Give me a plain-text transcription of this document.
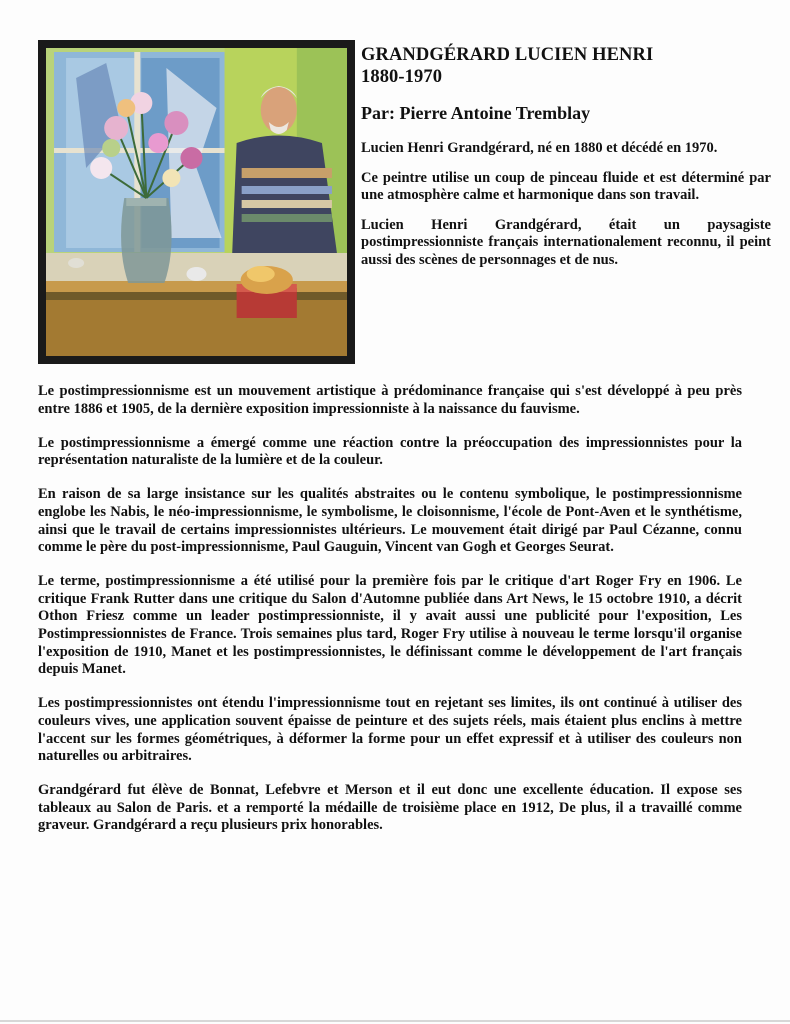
GRANDGÉRARD LUCIEN HENRI
1880-1970

Par: Pierre Antoine Tremblay

Lucien Henri Grandgérard, né en 1880 et décédé en 1970.

Ce peintre utilise un coup de pinceau fluide et est déterminé par une atmosphère calme et harmonique dans son travail.

Lucien Henri Grandgérard, était un paysagiste postimpressionniste français internationalement reconnu, il peint aussi des scènes de personnages et de nus.

Le postimpressionnisme est un mouvement artistique à prédominance française qui s'est développé à peu près entre 1886 et 1905, de la dernière exposition impressionniste à la naissance du fauvisme.

Le postimpressionnisme a émergé comme une réaction contre la préoccupation des impressionnistes pour la représentation naturaliste de la lumière et de la couleur.

En raison de sa large insistance sur les qualités abstraites ou le contenu symbolique, le postimpressionnisme englobe les Nabis, le néo-impressionnisme, le symbolisme, le cloisonnisme, l'école de Pont-Aven et le synthétisme, ainsi que le travail de certains impressionnistes ultérieurs. Le mouvement était dirigé par Paul Cézanne, connu comme le père du post-impressionnisme, Paul Gauguin, Vincent van Gogh et Georges Seurat.

Le terme, postimpressionnisme a été utilisé pour la première fois par le critique d'art Roger Fry en 1906. Le critique Frank Rutter dans une critique du Salon d'Automne publiée dans Art News, le 15 octobre 1910, a décrit Othon Friesz comme un leader postimpressionniste, il y avait aussi une publicité pour l'exposition, Les Postimpressionnistes de France. Trois semaines plus tard, Roger Fry utilise à nouveau le terme lorsqu'il organise l'exposition de 1910, Manet et les postimpressionnistes, le définissant comme le développement de l'art français depuis Manet.

Les postimpressionnistes ont étendu l'impressionnisme tout en rejetant ses limites, ils ont continué à utiliser des couleurs vives, une application souvent épaisse de peinture et des sujets réels, mais étaient plus enclins à mettre l'accent sur les formes géométriques, à déformer la forme pour un effet expressif et à utiliser des couleurs non naturelles ou arbitraires.

Grandgérard fut élève de Bonnat, Lefebvre et Merson et il eut donc une excellente éducation. Il expose ses tableaux au Salon de Paris. et a remporté la médaille de troisième place en 1912, De plus, il a travaillé comme graveur. Grandgérard a reçu plusieurs prix honorables.
